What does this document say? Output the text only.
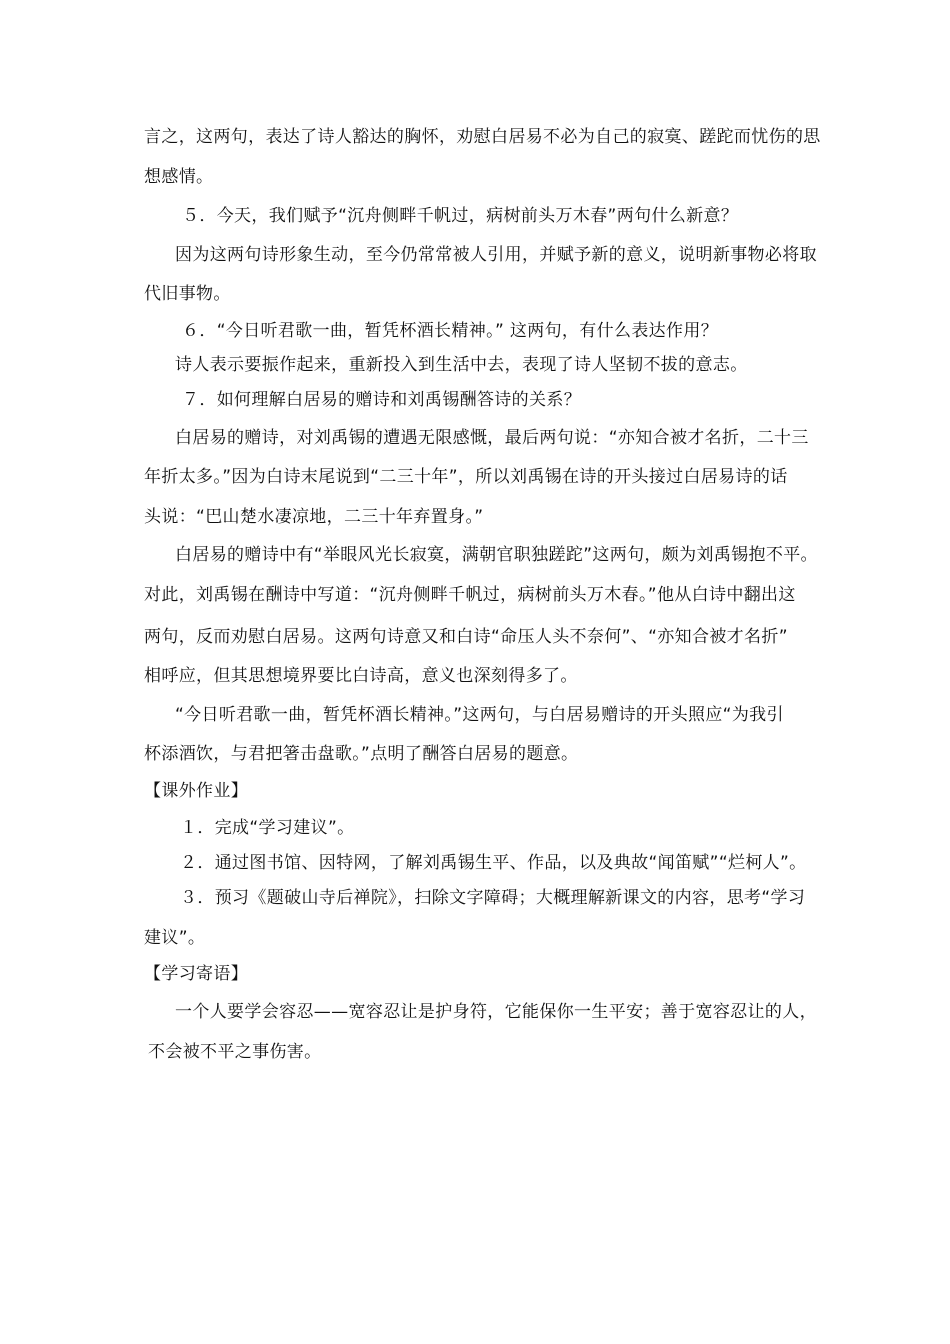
言之，这两句，表达了诗人豁达的胸怀，劝慰白居易不必为自己的寂寞、蹉跎而忧伤的思
想感情。
５．今天，我们赋予“沉舟侧畔千帆过，病树前头万木春”两句什么新意？
因为这两句诗形象生动，至今仍常常被人引用，并赋予新的意义，说明新事物必将取
代旧事物。
６．“今日听君歌一曲，暂凭杯酒长精神。” 这两句，有什么表达作用？
诗人表示要振作起来，重新投入到生活中去，表现了诗人坚韧不拔的意志。
７．如何理解白居易的赠诗和刘禹锡酬答诗的关系？
白居易的赠诗，对刘禹锡的遭遇无限感慨，最后两句说：“亦知合被才名折，二十三
年折太多。”因为白诗末尾说到“二三十年”，所以刘禹锡在诗的开头接过白居易诗的话
头说：“巴山楚水凄凉地，二三十年弃置身。”
白居易的赠诗中有“举眼风光长寂寞，满朝官职独蹉跎”这两句，颇为刘禹锡抱不平。
对此，刘禹锡在酬诗中写道：“沉舟侧畔千帆过，病树前头万木春。”他从白诗中翻出这
两句，反而劝慰白居易。这两句诗意又和白诗“命压人头不奈何”、“亦知合被才名折”
相呼应，但其思想境界要比白诗高，意义也深刻得多了。
“今日听君歌一曲，暂凭杯酒长精神。”这两句，与白居易赠诗的开头照应“为我引
杯添酒饮，与君把箸击盘歌。”点明了酬答白居易的题意。
【课外作业】
１．完成“学习建议”。
２．通过图书馆、因特网，了解刘禹锡生平、作品，以及典故“闻笛赋”“烂柯人”。
３．预习《题破山寺后禅院》，扫除文字障碍；大概理解新课文的内容，思考“学习
建议”。
【学习寄语】
一个人要学会容忍——宽容忍让是护身符，它能保你一生平安；善于宽容忍让的人，
不会被不平之事伤害。
